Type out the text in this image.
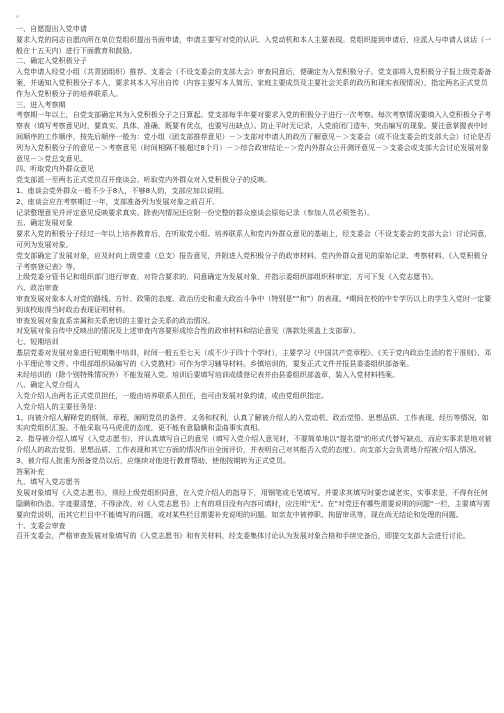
。

一、自愿提出入党申请

要求入党的同志自愿向所在单位党组织提出书面申请，申请主要写对党的认识、入党动机和本人主要表现。党组织接到申请后，应派人与申请人谈话（一般在十五天内）进行下面教育和鼓励。

二、确定入党积极分子

入党申请人经党小组（共青团组织）推荐、支委会（不设支委会的支部大会）审查同意后，便确定为入党积极分子。党支部将入党积极分子报上级党委备案，并通知入党积极分子本人，要求其本人写出自传（内容主要写本人简历、家庭主要成员及主要社会关系的政历和现实表现情况），指定两名正式党员作为入党积极分子的培养联系人。

三、进入考察期

考察期一年以上，自党支部确定其为入党积极分子之日算起。党支部每半年要对要求入党的积极分子进行一次考察。每次考察情况要填入入党积极分子考察表（填写考察意见时，要真实、具体、准确，既要有优点，也要写出缺点）。防止平时无记录，入党前闭门造车，突击编写的现象。要注意掌握表中时间顺序的工作顺序，按先后顺序一般为：党小组（团支部推荐意见）－＞支部对申请人的政历了解意见－＞支委会（或不设支委会的支部大会）讨论是否列为入党积极分子的意见－＞考察意见（时间相隔不能超过8个月）－＞综合政审结论－＞党内外群众公开测评意见－＞支委会或支部大会讨论发展对象意见－＞党总支意见。

四、听取党内外群众意见

党支部派一至两名正式党员召开座谈会、听取党内外群众对入党积极分子的反映。

1、座谈会党外群众一般不少于8人，不够8人的，支部应加以说明。

2、座谈会应在考察期过一年，支部准备列为发展对象之前召开。

记录整理意见并评定意见反映要求真实。除表内情况还应附一份完整的群众座谈会原始记录（参加人员必须签名）。

五、确定发展对象

要求入党的积极分子经过一年以上培养教育后，在听取党小组、培养联系人和党内外群众意见的基础上，经支委会（不设支委会的支部大会）讨论同意，可列为发展对象。

党支部确定了发展对象，应及时向上级党委（总支）报告意见，并附进入党积极分子的政审材料、党内外群众意见的原始记录、考察材料、《入党积极分子考察登记表》等。

上级党委分管书记和组织部门进行审查，对符合要求的，同意确定为发展对象，并指示委组织部组织科审定，方可下发《入党志愿书》。

六、政治审查

审查发展对象本人对党的路线、方针、政策的态度、政治历史和重大政治斗争中（特别是"“和”）的表现。*期间在校的中专学历以上的学生入党时一定要到该校取得当时政治表现证明材料。

审查发展对象直系亲属和关系密切的主要社会关系的政治情况。

对发展对象自传中反映出的情况及上述审查内容要形成综合性的政审材料和结论意见（落款处须盖上支部章）。

七、短期培训

基层党委对发展对象进行短期集中培训，时间一般五至七天（或不少于四十个学时），主要学习《中国共产党章程》、《关于党内政治生活的若干准则》、邓小平理论等文件。中组部组织局编写的《入党教材》可作为学习辅导材料。乡镇培训的，要发正式文件并报县委委组织部备案。

未经培训的（除个别特殊情况外）不能发展入党。培训后要填写培训成绩登记表并由县委组织部盖章，装入入党材料档案。

八、确定入党介绍人

入党介绍人由两名正式党员担任，一般由培养联系人担任，也可由发展对象约请，或由党组织指定。

入党介绍人的主要任务是：

1、向被介绍人解释党的纲领、章程，阐明党员的条件、义务和权利，认真了解被介绍人的入党动机、政治觉悟、思想品质、工作表现、经历等情况，如实向党组织汇报。不能采取马马虎虎的态度，更不能有意隐瞒和歪曲事实真相。

2、指导被介绍人填写《入党志愿书》，并认真填写自己的意见（填写入党介绍人意见时，不要简单地以"提名望"的形式代替写缺点，而应实事求是地对被介绍人的政治觉悟、思想品质、工作表现和其它方面的情况作出全面评价，并表明自己对其能否入党的态度）。向支部大会负责地介绍被介绍人情况。

3、被介绍人批准为预备党员以后，应继续对他进行教育帮助，使他按期转为正式党员。

答案补充

九、填写入党志愿书

发展对象填写《入党志愿书》，须经上级党组织同意，在入党介绍人的指导下，用钢笔或毛笔填写。并要求其填写时要忠诚老实、实事求是，不得有任何隐瞒和伪造。字迹要清楚，不得涂改。对《入党志愿书》上有的项目没有内容可填时，应注明"无"。在"对党还有哪些需要说明的问题"一栏，主要填写需要向党说明，而其它栏目中不能填写的问题，或对某些栏目需要补充说明的问题。如亲友中被停职、拘留审讯等，现在尚无结论和处理的问题。

十、支委会审查

召开支委会，严格审查发展对象填写的《入党志愿书》和有关材料，经支委集体讨论认为发展对象合格和手续完备后，即提交支部大会进行讨论。
